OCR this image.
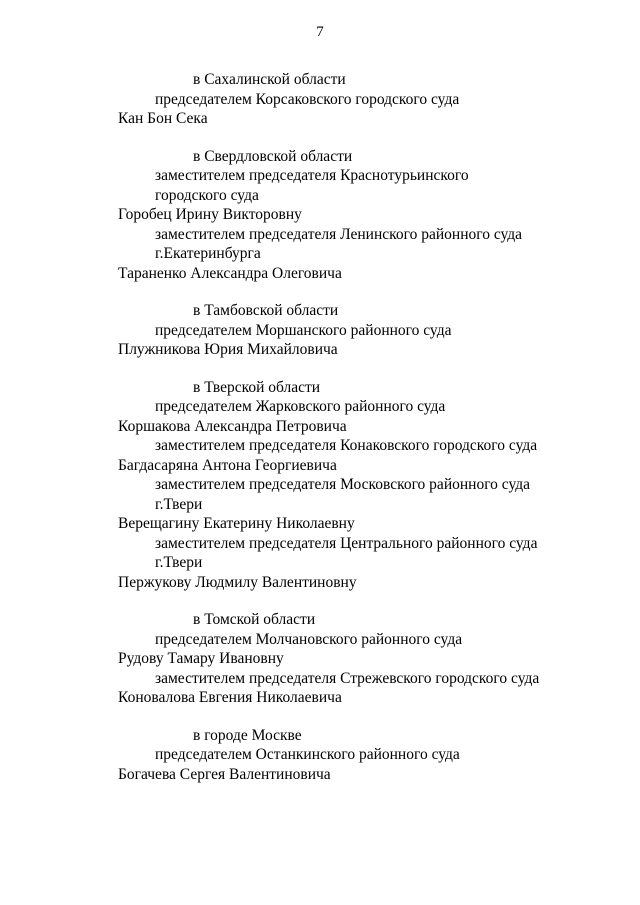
7
в Сахалинской области
председателем Корсаковского городского суда
Кан Бон Сека
в Свердловской области
заместителем председателя Краснотурьинского
городского суда
Горобец Ирину Викторовну
заместителем председателя Ленинского районного суда
г.Екатеринбурга
Тараненко Александра Олеговича
в Тамбовской области
председателем Моршанского районного суда
Плужникова Юрия Михайловича
в Тверской области
председателем Жарковского районного суда
Коршакова Александра Петровича
заместителем председателя Конаковского городского суда
Багдасаряна Антона Георгиевича
заместителем председателя Московского районного суда
г.Твери
Верещагину Екатерину Николаевну
заместителем председателя Центрального районного суда
г.Твери
Пержукову Людмилу Валентиновну
в Томской области
председателем Молчановского районного суда
Рудову Тамару Ивановну
заместителем председателя Стрежевского городского суда
Коновалова Евгения Николаевича
в городе Москве
председателем Останкинского районного суда
Богачева Сергея Валентиновича
